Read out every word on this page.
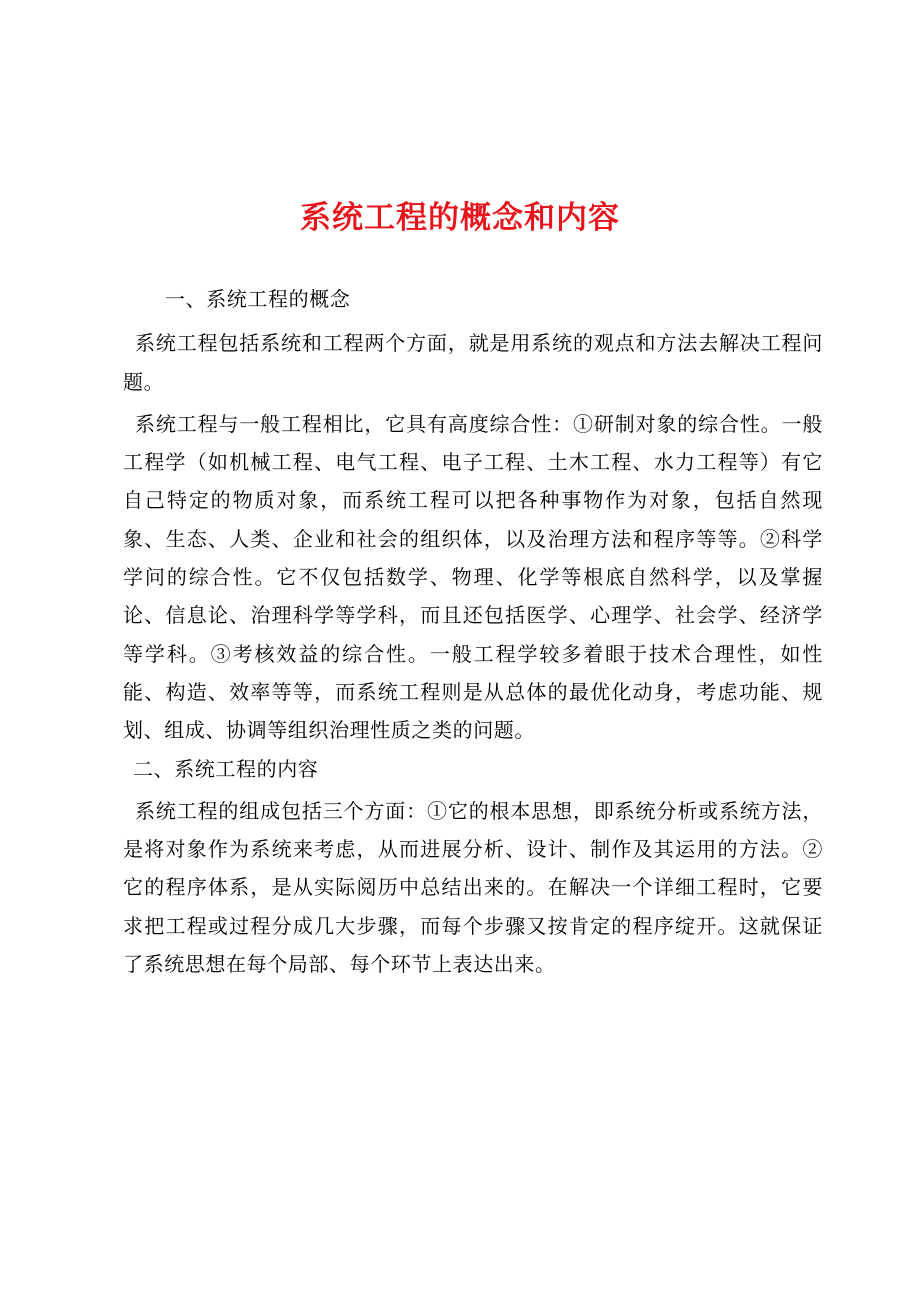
系统工程的概念和内容

一、系统工程的概念

系统工程包括系统和工程两个方面，就是用系统的观点和方法去解决工程问题。

系统工程与一般工程相比，它具有高度综合性：①研制对象的综合性。一般工程学（如机械工程、电气工程、电子工程、土木工程、水力工程等）有它自己特定的物质对象，而系统工程可以把各种事物作为对象，包括自然现象、生态、人类、企业和社会的组织体，以及治理方法和程序等等。②科学学问的综合性。它不仅包括数学、物理、化学等根底自然科学，以及掌握论、信息论、治理科学等学科，而且还包括医学、心理学、社会学、经济学等学科。③考核效益的综合性。一般工程学较多着眼于技术合理性，如性能、构造、效率等等，而系统工程则是从总体的最优化动身，考虑功能、规划、组成、协调等组织治理性质之类的问题。

二、系统工程的内容

系统工程的组成包括三个方面：①它的根本思想，即系统分析或系统方法，是将对象作为系统来考虑，从而进展分析、设计、制作及其运用的方法。②它的程序体系，是从实际阅历中总结出来的。在解决一个详细工程时，它要求把工程或过程分成几大步骤，而每个步骤又按肯定的程序绽开。这就保证了系统思想在每个局部、每个环节上表达出来。
